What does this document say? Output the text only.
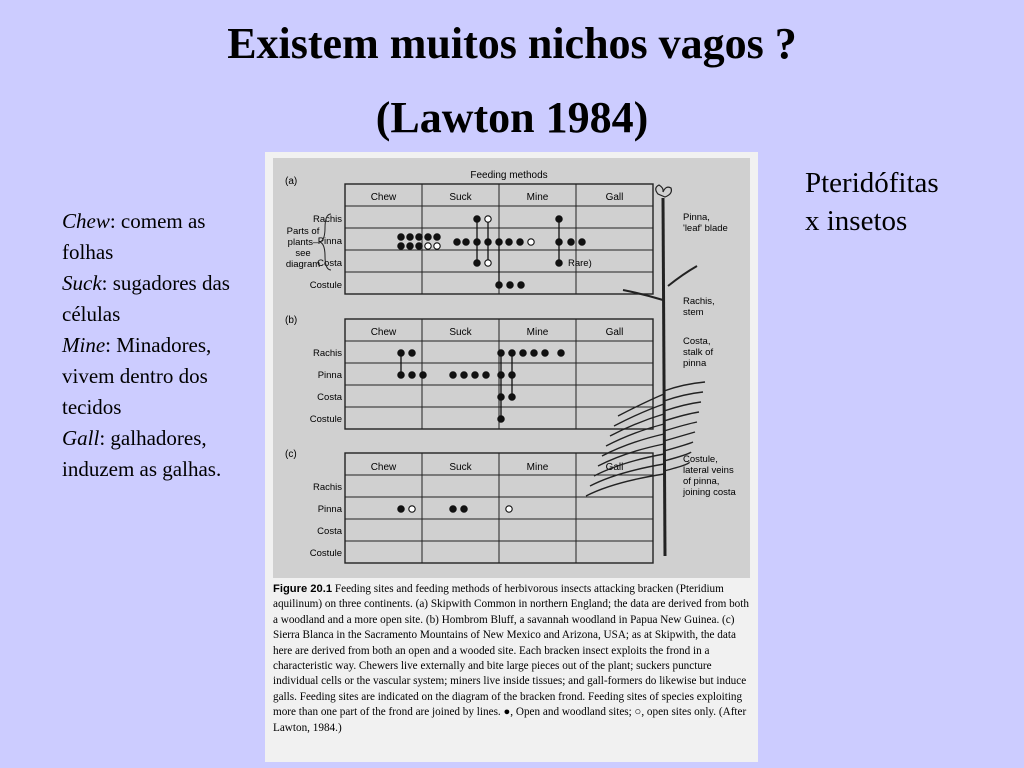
Existem muitos nichos vagos ?
(Lawton 1984)

Chew: comem as folhas

Suck: sugadores das células

Mine: Minadores, vivem dentro dos tecidos

Gall: galhadores, induzem as galhas.

Pteridófitas
x insetos
Feeding methods
(a)
Chew	Suck	Mine	Gall
Rachis
Pinna
Costa
Costule
(b)
Chew	Suck	Mine	Gall
Rachis
Pinna
Costa
Costule
(c)
Chew	Suck	Mine	Gall
Rachis
Pinna
Costa
Costule
Parts of
plants–
see
diagram	Rare)
Pinna,
'leaf' blade
Rachis,
stem
Costa,
stalk of
pinna
Costule,
lateral veins
of pinna,
joining costa

Figure 20.1 Feeding sites and feeding methods of herbivorous insects attacking bracken (Pteridium aquilinum) on three continents. (a) Skipwith Common in northern England; the data are derived from both a woodland and a more open site. (b) Hombrom Bluff, a savannah woodland in Papua New Guinea. (c) Sierra Blanca in the Sacramento Mountains of New Mexico and Arizona, USA; as at Skipwith, the data here are derived from both an open and a wooded site. Each bracken insect exploits the frond in a characteristic way. Chewers live externally and bite large pieces out of the plant; suckers puncture individual cells or the vascular system; miners live inside tissues; and gall-formers do likewise but induce galls. Feeding sites are indicated on the diagram of the bracken frond. Feeding sites of species exploiting more than one part of the frond are joined by lines. ●, Open and woodland sites; ○, open sites only. (After Lawton, 1984.)
